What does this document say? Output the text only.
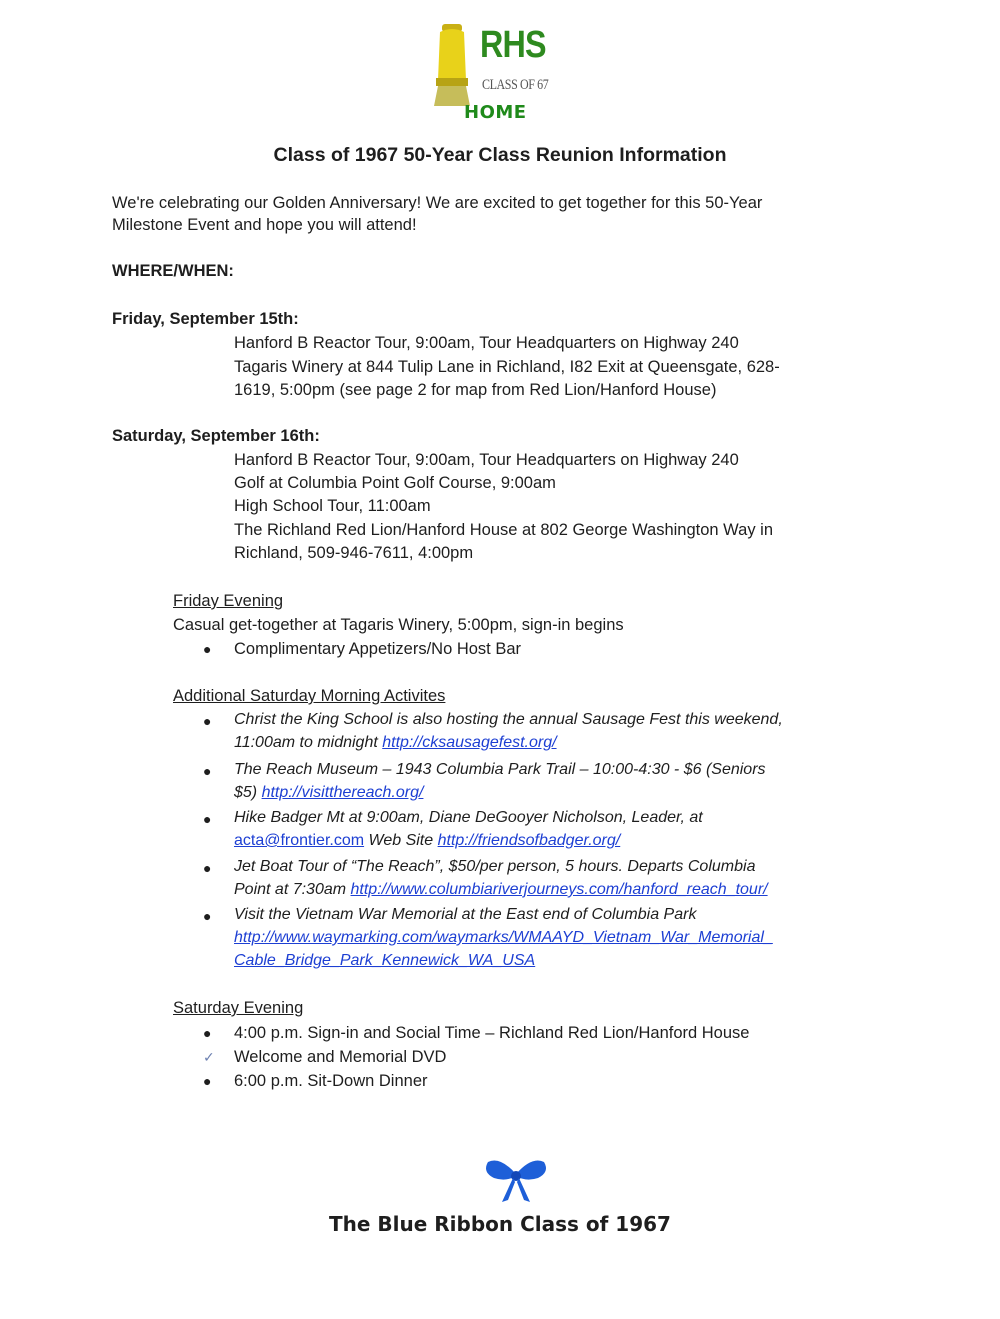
RHS
CLASS OF 67
HOME
Class of 1967 50-Year Class Reunion Information
We're celebrating our Golden Anniversary! We are excited to get together for this 50-Year
Milestone Event and hope you will attend!
WHERE/WHEN:
Friday, September 15th:
Hanford B Reactor Tour, 9:00am, Tour Headquarters on Highway 240
Tagaris Winery at 844 Tulip Lane in Richland, I82 Exit at Queensgate, 628-
1619, 5:00pm (see page 2 for map from Red Lion/Hanford House)
Saturday, September 16th:
Hanford B Reactor Tour, 9:00am, Tour Headquarters on Highway 240
Golf at Columbia Point Golf Course, 9:00am
High School Tour, 11:00am
The Richland Red Lion/Hanford House at 802 George Washington Way in
Richland, 509-946-7611, 4:00pm
Friday Evening
Casual get-together at Tagaris Winery, 5:00pm, sign-in begins
● Complimentary Appetizers/No Host Bar
Additional Saturday Morning Activites
● Christ the King School is also hosting the annual Sausage Fest this weekend,
11:00am to midnight http://cksausagefest.org/
● The Reach Museum – 1943 Columbia Park Trail – 10:00-4:30 - $6 (Seniors
$5) http://visitthereach.org/
● Hike Badger Mt at 9:00am, Diane DeGooyer Nicholson, Leader, at
acta@frontier.com Web Site http://friendsofbadger.org/
● Jet Boat Tour of “The Reach”, $50/per person, 5 hours. Departs Columbia
Point at 7:30am http://www.columbiariverjourneys.com/hanford_reach_tour/
● Visit the Vietnam War Memorial at the East end of Columbia Park
http://www.waymarking.com/waymarks/WMAAYD_Vietnam_War_Memorial_
Cable_Bridge_Park_Kennewick_WA_USA
Saturday Evening
● 4:00 p.m. Sign-in and Social Time – Richland Red Lion/Hanford House
✓ Welcome and Memorial DVD
● 6:00 p.m. Sit-Down Dinner
The Blue Ribbon Class of 1967
